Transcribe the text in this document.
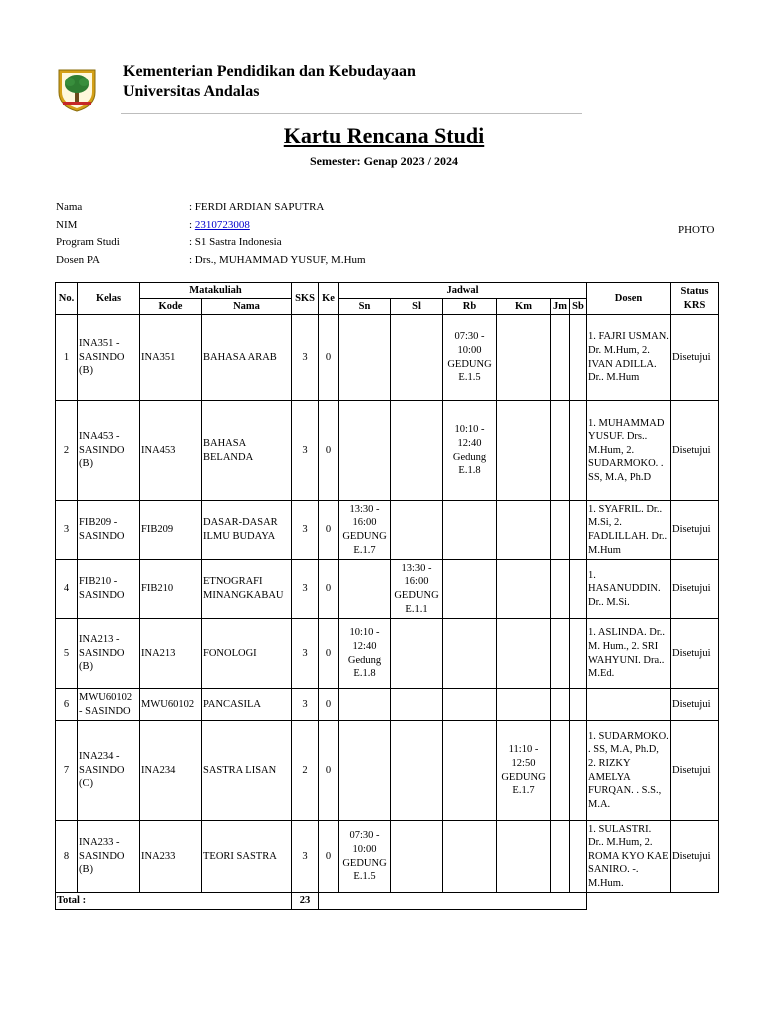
Kementerian Pendidikan dan Kebudayaan
Universitas Andalas
Kartu Rencana Studi
Semester: Genap 2023 / 2024
Nama	: FERDI ARDIAN SAPUTRA
NIM	: 2310723008
Program Studi	: S1 Sastra Indonesia
Dosen PA	: Drs., MUHAMMAD YUSUF, M.Hum
PHOTO
No.	Kelas	Matakuliah		SKS	Ke	Jadwal						Dosen	Status KRS
		Kode	Nama			Sn	Sl	Rb	Km	Jm	Sb		
1	INA351 - SASINDO (B)	INA351	BAHASA ARAB	3	0			07:30 - 10:00 GEDUNG E.1.5				1. FAJRI USMAN. Dr. M.Hum, 2. IVAN ADILLA. Dr.. M.Hum	Disetujui
2	INA453 - SASINDO (B)	INA453	BAHASA BELANDA	3	0			10:10 - 12:40 Gedung E.1.8				1. MUHAMMAD YUSUF. Drs.. M.Hum, 2. SUDARMOKO. . SS, M.A, Ph.D	Disetujui
3	FIB209 - SASINDO	FIB209	DASAR-DASAR ILMU BUDAYA	3	0	13:30 - 16:00 GEDUNG E.1.7						1. SYAFRIL. Dr.. M.Si, 2. FADLILLAH. Dr.. M.Hum	Disetujui
4	FIB210 - SASINDO	FIB210	ETNOGRAFI MINANGKABAU	3	0		13:30 - 16:00 GEDUNG E.1.1					1. HASANUDDIN. Dr.. M.Si.	Disetujui
5	INA213 - SASINDO (B)	INA213	FONOLOGI	3	0	10:10 - 12:40 Gedung E.1.8						1. ASLINDA. Dr.. M. Hum., 2. SRI WAHYUNI. Dra.. M.Ed.	Disetujui
6	MWU60102 - SASINDO	MWU60102	PANCASILA	3	0								Disetujui
7	INA234 - SASINDO (C)	INA234	SASTRA LISAN	2	0				11:10 - 12:50 GEDUNG E.1.7			1. SUDARMOKO. . SS, M.A, Ph.D, 2. RIZKY AMELYA FURQAN. . S.S., M.A.	Disetujui
8	INA233 - SASINDO (B)	INA233	TEORI SASTRA	3	0	07:30 - 10:00 GEDUNG E.1.5						1. SULASTRI. Dr.. M.Hum, 2. ROMA KYO KAE SANIRO. -. M.Hum.	Disetujui
Total :				23									
